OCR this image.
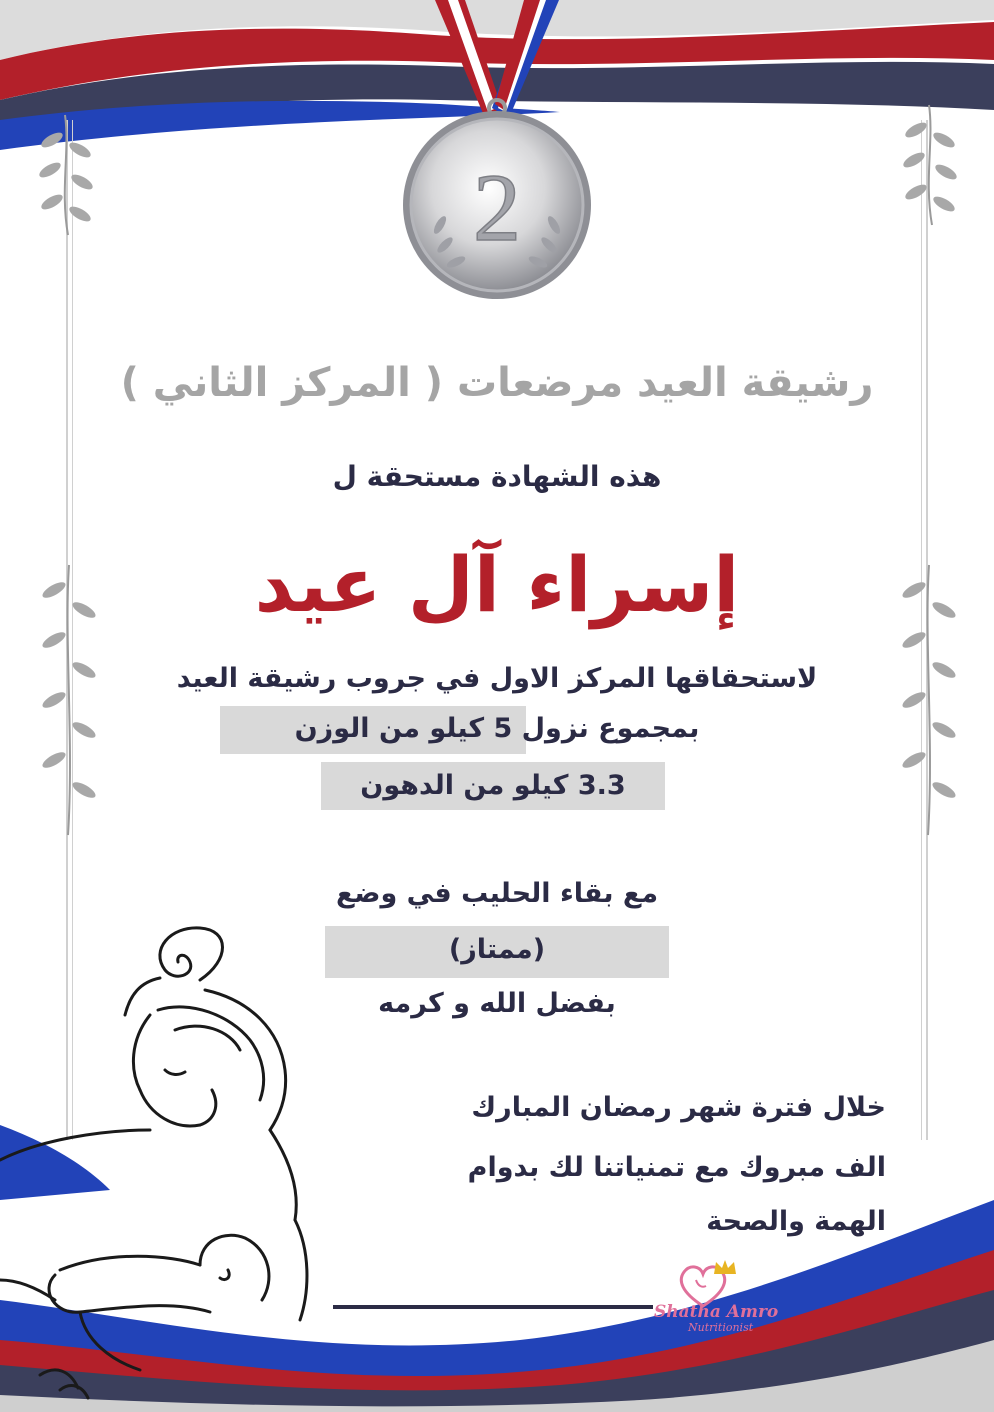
2
رشيقة العيد مرضعات ( المركز الثاني )
هذه الشهادة مستحقة ل
إسراء آل عيد
لاستحقاقها المركز الاول في جروب رشيقة العيد
بمجموع نزول 5 كيلو من الوزن
3.3 كيلو من الدهون
مع بقاء الحليب في وضع
(ممتاز)
بفضل الله و كرمه
خلال فترة شهر رمضان المبارك
الف مبروك مع تمنياتنا لك بدوام
الهمة والصحة
Shatha Amro
Nutritionist
